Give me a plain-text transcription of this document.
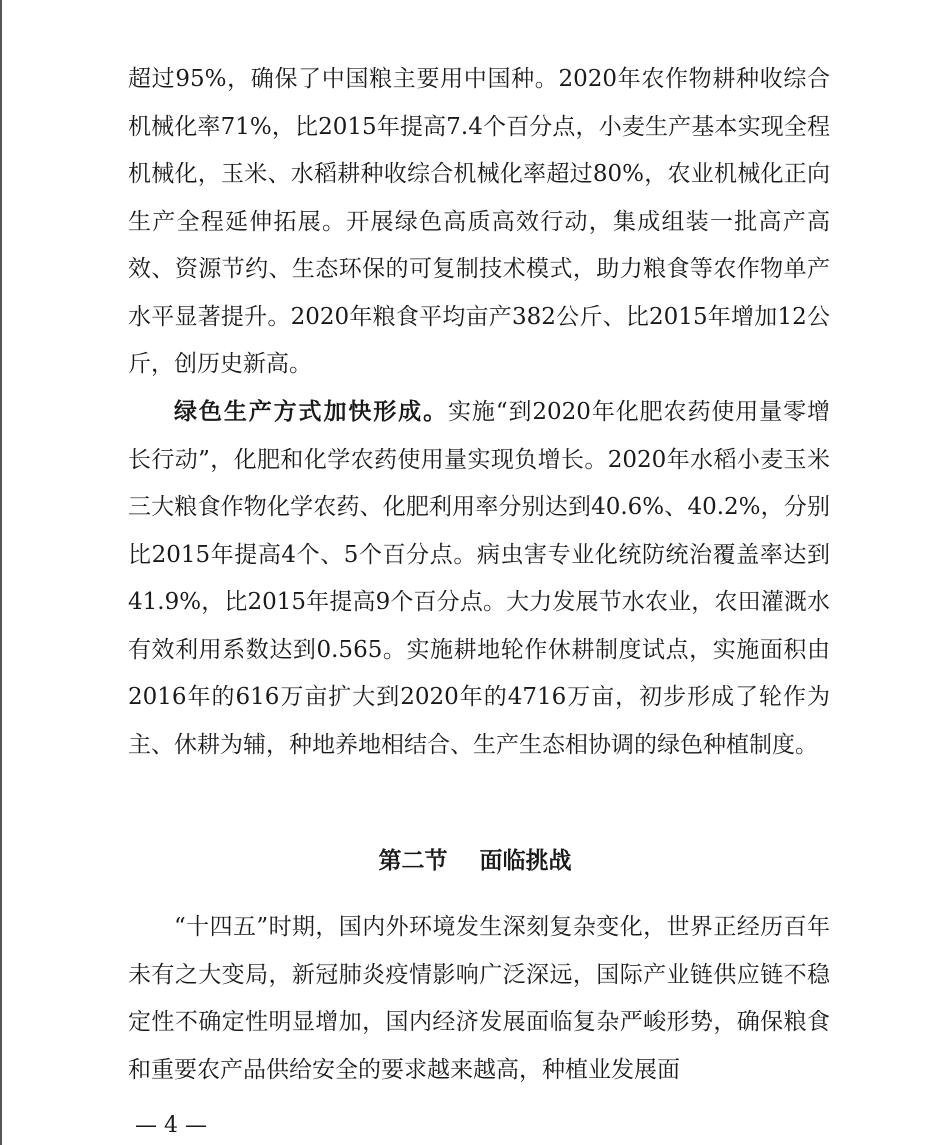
超过95%，确保了中国粮主要用中国种。2020年农作物耕种收综合机械化率71%，比2015年提高7.4个百分点，小麦生产基本实现全程机械化，玉米、水稻耕种收综合机械化率超过80%，农业机械化正向生产全程延伸拓展。开展绿色高质高效行动，集成组装一批高产高效、资源节约、生态环保的可复制技术模式，助力粮食等农作物单产水平显著提升。2020年粮食平均亩产382公斤、比2015年增加12公斤，创历史新高。

绿色生产方式加快形成。实施“到2020年化肥农药使用量零增长行动”，化肥和化学农药使用量实现负增长。2020年水稻小麦玉米三大粮食作物化学农药、化肥利用率分别达到40.6%、40.2%，分别比2015年提高4个、5个百分点。病虫害专业化统防统治覆盖率达到41.9%，比2015年提高9个百分点。大力发展节水农业，农田灌溉水有效利用系数达到0.565。实施耕地轮作休耕制度试点，实施面积由2016年的616万亩扩大到2020年的4716万亩，初步形成了轮作为主、休耕为辅，种地养地相结合、生产生态相协调的绿色种植制度。

第二节    面临挑战

“十四五”时期，国内外环境发生深刻复杂变化，世界正经历百年未有之大变局，新冠肺炎疫情影响广泛深远，国际产业链供应链不稳定性不确定性明显增加，国内经济发展面临复杂严峻形势，确保粮食和重要农产品供给安全的要求越来越高，种植业发展面

— 4 —
